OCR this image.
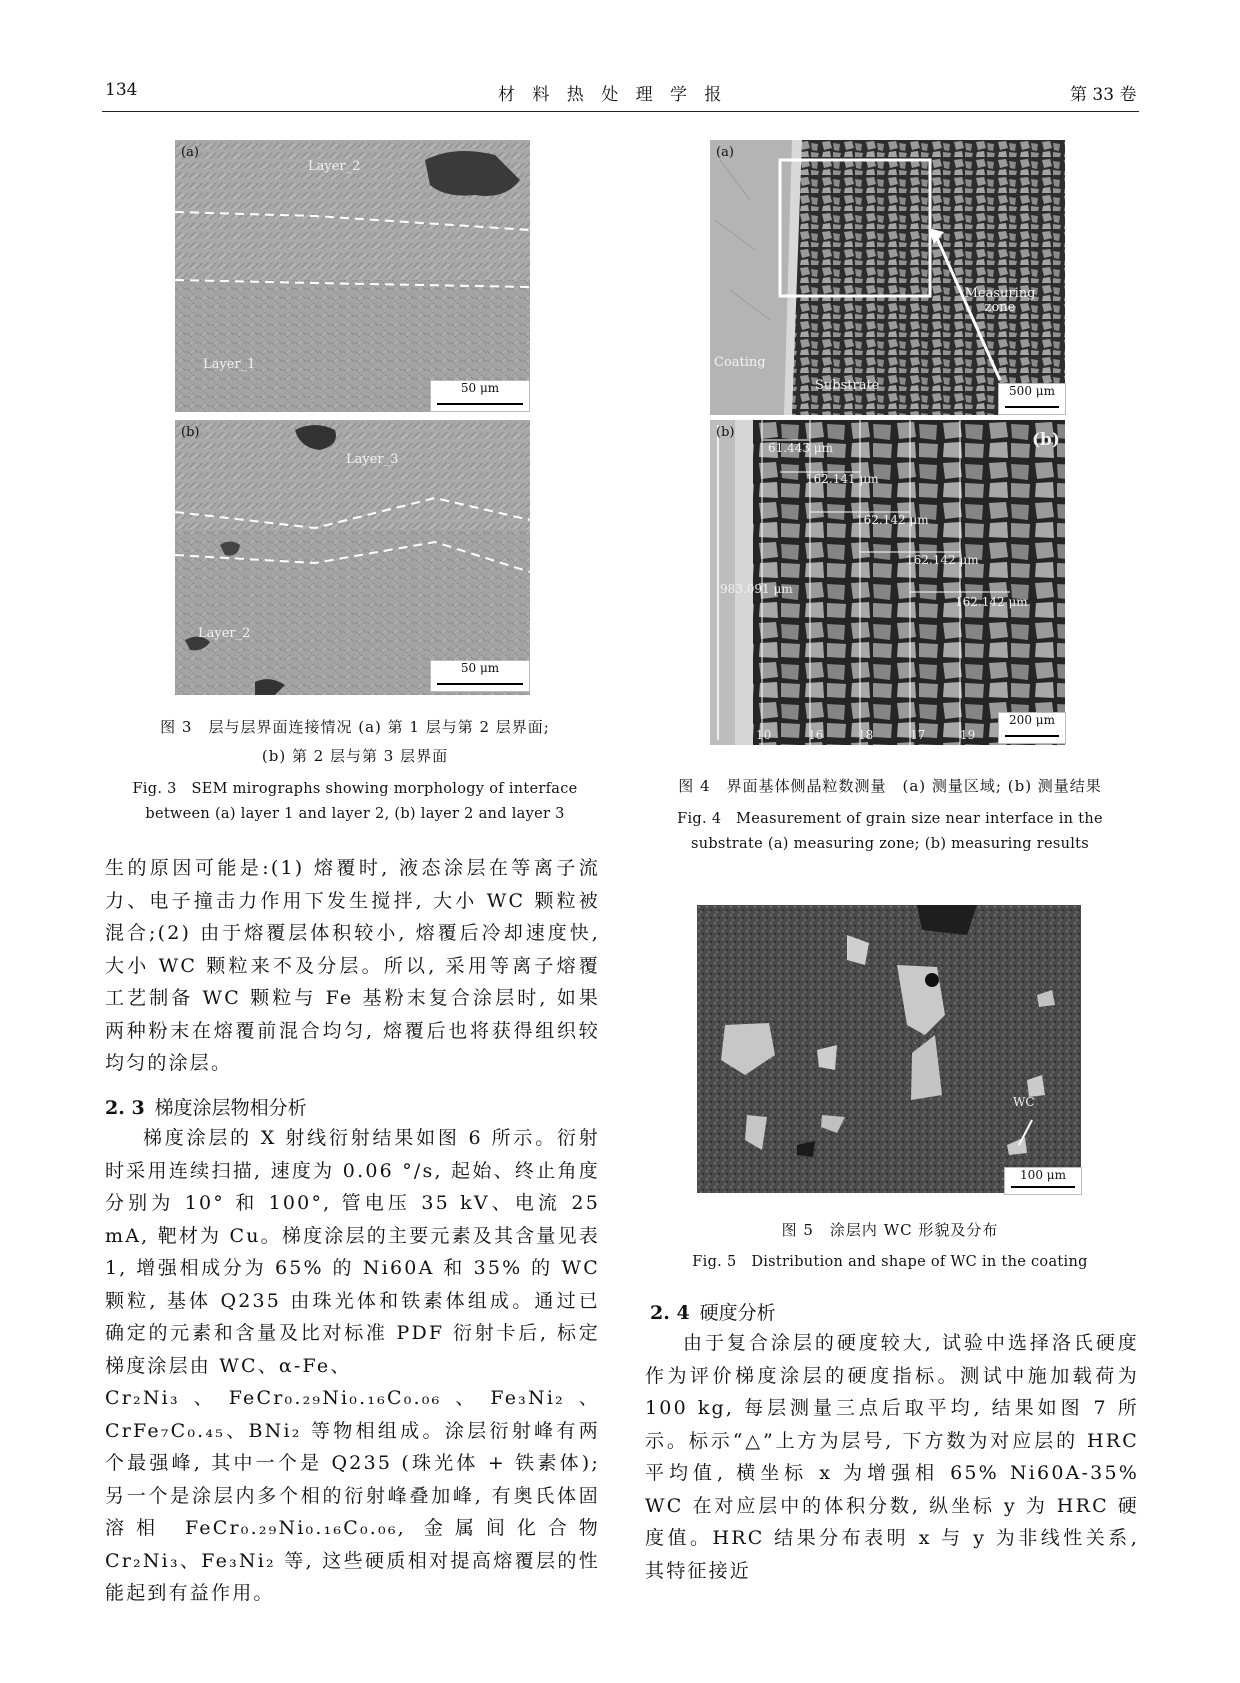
134	材 料 热 处 理 学 报	第 33 卷
(a)
Layer_2
Layer_1
50 μm
(b)
Layer_3
Layer_2
50 μm
图 3　层与层界面连接情况 (a) 第 1 层与第 2 层界面;
(b) 第 2 层与第 3 层界面
Fig. 3　SEM mirographs showing morphology of interface
between (a) layer 1 and layer 2, (b) layer 2 and layer 3
(a)
Measuring zone
Coating
Substrate	500 μm
(b)	(b)
61.443 μm
162.141 μm
162.142 μm
162.142 μm
162.142 μm
983.091 μm
10	16	18	17	19
200 μm
图 4　界面基体侧晶粒数测量　(a) 测量区域; (b) 测量结果
Fig. 4　Measurement of grain size near interface in the
substrate (a) measuring zone; (b) measuring results
WC
100 μm
图 5　涂层内 WC 形貌及分布
Fig. 5　Distribution and shape of WC in the coating

生的原因可能是:(1) 熔覆时, 液态涂层在等离子流力、电子撞击力作用下发生搅拌, 大小 WC 颗粒被混合;(2) 由于熔覆层体积较小, 熔覆后冷却速度快, 大小 WC 颗粒来不及分层。所以, 采用等离子熔覆工艺制备 WC 颗粒与 Fe 基粉末复合涂层时, 如果两种粉末在熔覆前混合均匀, 熔覆后也将获得组织较均匀的涂层。

2. 3 梯度涂层物相分析

梯度涂层的 X 射线衍射结果如图 6 所示。衍射时采用连续扫描, 速度为 0.06 °/s, 起始、终止角度分别为 10° 和 100°, 管电压 35 kV、电流 25 mA, 靶材为 Cu。梯度涂层的主要元素及其含量见表 1, 增强相成分为 65% 的 Ni60A 和 35% 的 WC 颗粒, 基体 Q235 由珠光体和铁素体组成。通过已确定的元素和含量及比对标准 PDF 衍射卡后, 标定梯度涂层由 WC、α-Fe、

Cr₂Ni₃、FeCr₀.₂₉Ni₀.₁₆C₀.₀₆、Fe₃Ni₂、CrFe₇C₀.₄₅、BNi₂ 等物相组成。涂层衍射峰有两个最强峰, 其中一个是 Q235 (珠光体 + 铁素体); 另一个是涂层内多个相的衍射峰叠加峰, 有奥氏体固溶相 FeCr₀.₂₉Ni₀.₁₆C₀.₀₆, 金属间化合物 Cr₂Ni₃、Fe₃Ni₂ 等, 这些硬质相对提高熔覆层的性能起到有益作用。

2. 4 硬度分析

由于复合涂层的硬度较大, 试验中选择洛氏硬度作为评价梯度涂层的硬度指标。测试中施加载荷为 100 kg, 每层测量三点后取平均, 结果如图 7 所示。标示“△”上方为层号, 下方数为对应层的 HRC 平均值, 横坐标 x 为增强相 65% Ni60A-35% WC 在对应层中的体积分数, 纵坐标 y 为 HRC 硬度值。HRC 结果分布表明 x 与 y 为非线性关系, 其特征接近
